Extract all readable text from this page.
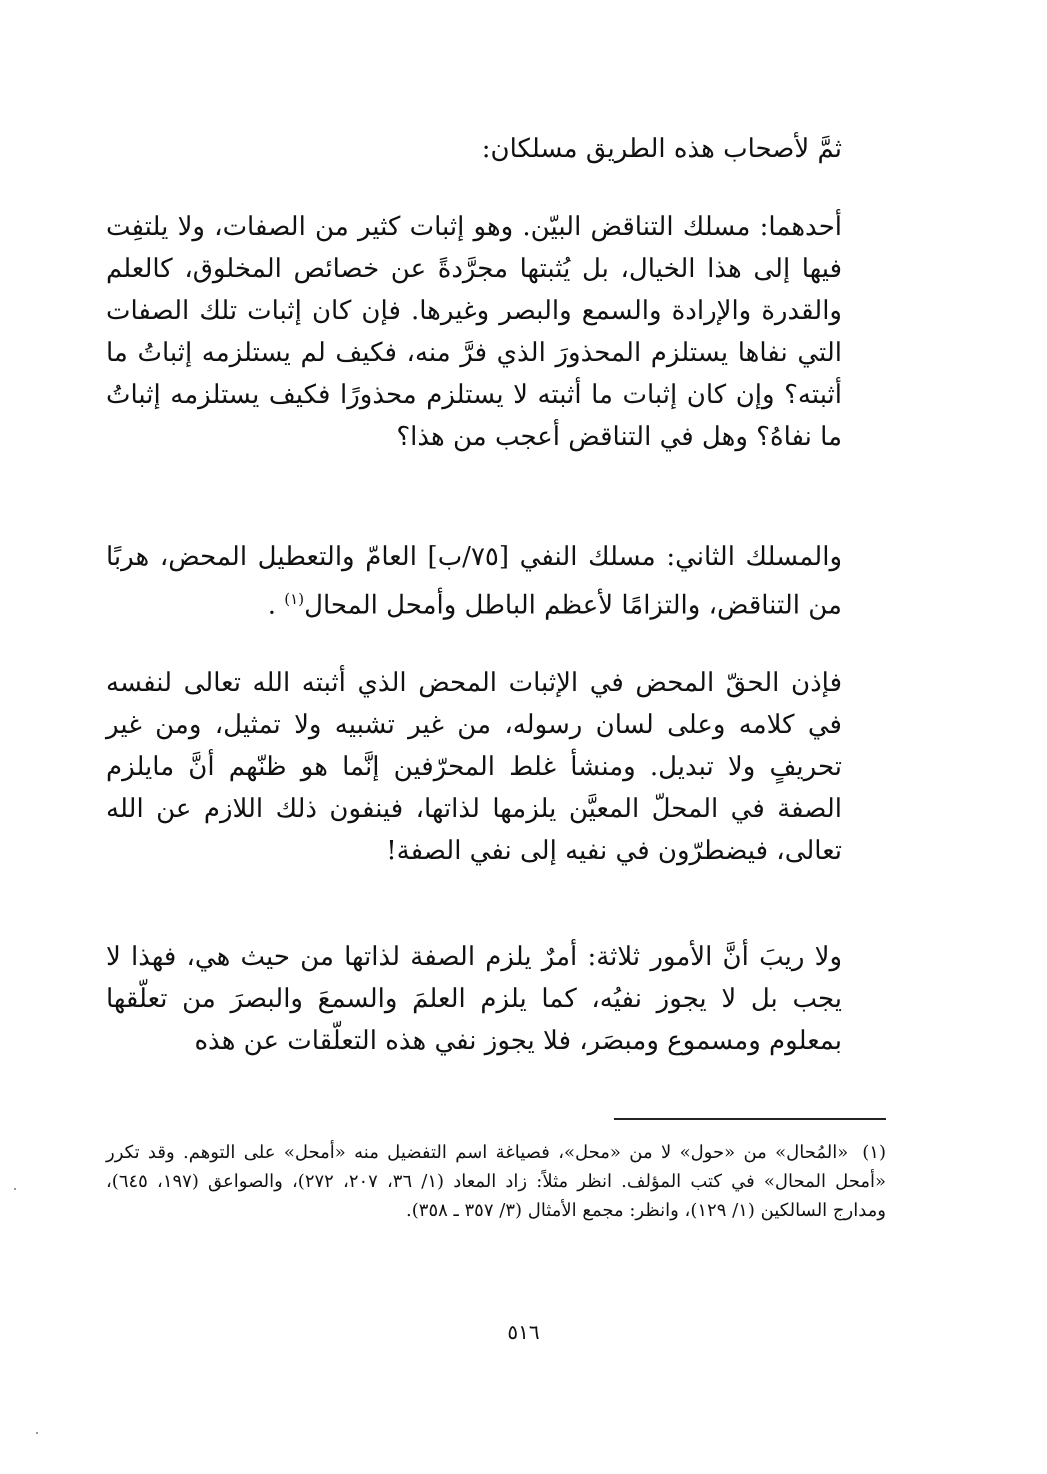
ثمَّ لأصحاب هذه الطريق مسلكان:

أحدهما: مسلك التناقض البيّن. وهو إثبات كثير من الصفات، ولا يلتفِت فيها إلى هذا الخيال، بل يُثبتها مجرَّدةً عن خصائص المخلوق، كالعلم والقدرة والإرادة والسمع والبصر وغيرها. فإن كان إثبات تلك الصفات التي نفاها يستلزم المحذورَ الذي فرَّ منه، فكيف لم يستلزمه إثباتُ ما أثبته؟ وإن كان إثبات ما أثبته لا يستلزم محذورًا فكيف يستلزمه إثباتُ ما نفاهُ؟ وهل في التناقض أعجب من هذا؟

والمسلك الثاني: مسلك النفي [٧٥/ب] العامّ والتعطيل المحض، هربًا من التناقض، والتزامًا لأعظم الباطل وأمحل المحال$^{(١)}$ .

فإذن الحقّ المحض في الإثبات المحض الذي أثبته الله تعالى لنفسه في كلامه وعلى لسان رسوله، من غير تشبيه ولا تمثيل، ومن غير تحريفٍ ولا تبديل. ومنشأ غلط المحرّفين إنَّما هو ظنّهم أنَّ مايلزم الصفة في المحلّ المعيَّن يلزمها لذاتها، فينفون ذلك اللازم عن الله تعالى، فيضطرّون في نفيه إلى نفي الصفة!

ولا ريبَ أنَّ الأمور ثلاثة: أمرٌ يلزم الصفة لذاتها من حيث هي، فهذا لا يجب بل لا يجوز نفيُه، كما يلزم العلمَ والسمعَ والبصرَ من تعلّقها بمعلوم ومسموع ومبصَر، فلا يجوز نفي هذه التعلّقات عن هذه

(١)«المُحال» من «حول» لا من «محل»، فصياغة اسم التفضيل منه «أمحل» على التوهم. وقد تكرر «أمحل المحال» في كتب المؤلف. انظر مثلاً: زاد المعاد (١/ ٣٦، ٢٠٧، ٢٧٢)، والصواعق (١٩٧، ٦٤٥)، ومدارج السالكين (١/ ١٢٩)، وانظر: مجمع الأمثال (٣/ ٣٥٧ ـ ٣٥٨).
٥١٦
